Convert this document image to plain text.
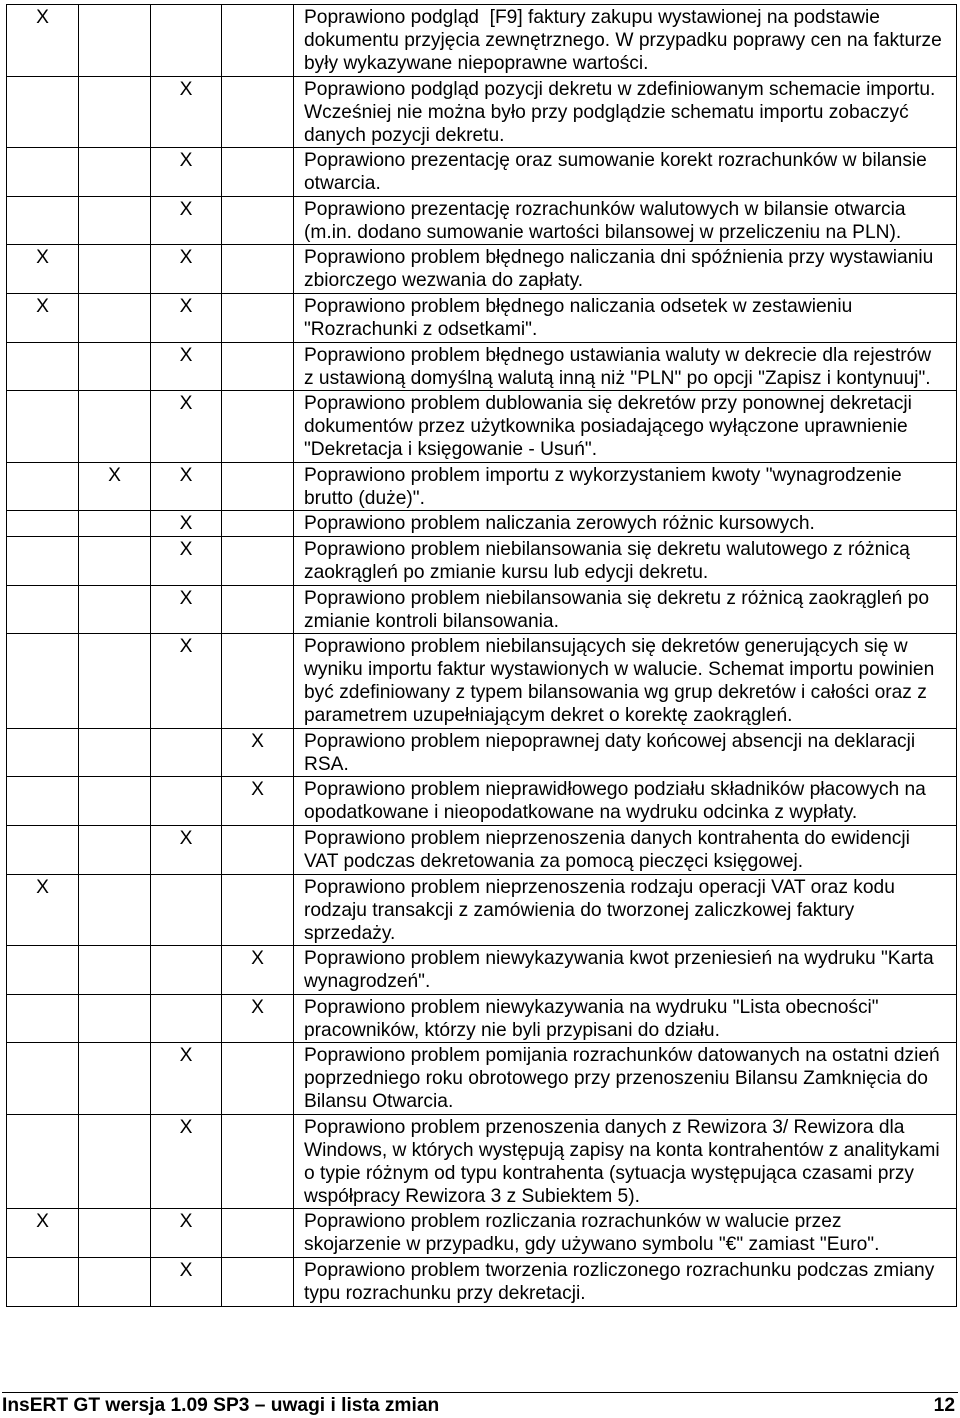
X				Poprawiono podgląd  [F9] faktury zakupu wystawionej na podstawie
dokumentu przyjęcia zewnętrznego. W przypadku poprawy cen na fakturze
były wykazywane niepoprawne wartości.

		X		Poprawiono podgląd pozycji dekretu w zdefiniowanym schemacie importu.
Wcześniej nie można było przy podglądzie schematu importu zobaczyć
danych pozycji dekretu.

		X		Poprawiono prezentację oraz sumowanie korekt rozrachunków w bilansie
otwarcia.

		X		Poprawiono prezentację rozrachunków walutowych w bilansie otwarcia
(m.in. dodano sumowanie wartości bilansowej w przeliczeniu na PLN).

X		X		Poprawiono problem błędnego naliczania dni spóźnienia przy wystawianiu
zbiorczego wezwania do zapłaty.

X		X		Poprawiono problem błędnego naliczania odsetek w zestawieniu
"Rozrachunki z odsetkami".

		X		Poprawiono problem błędnego ustawiania waluty w dekrecie dla rejestrów
z ustawioną domyślną walutą inną niż "PLN" po opcji "Zapisz i kontynuuj".

		X		Poprawiono problem dublowania się dekretów przy ponownej dekretacji
dokumentów przez użytkownika posiadającego wyłączone uprawnienie
"Dekretacja i księgowanie - Usuń".

	X	X		Poprawiono problem importu z wykorzystaniem kwoty "wynagrodzenie
brutto (duże)".

		X		Poprawiono problem naliczania zerowych różnic kursowych.

		X		Poprawiono problem niebilansowania się dekretu walutowego z różnicą
zaokrągleń po zmianie kursu lub edycji dekretu.

		X		Poprawiono problem niebilansowania się dekretu z różnicą zaokrągleń po
zmianie kontroli bilansowania.

		X		Poprawiono problem niebilansujących się dekretów generujących się w
wyniku importu faktur wystawionych w walucie. Schemat importu powinien
być zdefiniowany z typem bilansowania wg grup dekretów i całości oraz z
parametrem uzupełniającym dekret o korektę zaokrągleń.

			X	Poprawiono problem niepoprawnej daty końcowej absencji na deklaracji
RSA.

			X	Poprawiono problem nieprawidłowego podziału składników płacowych na
opodatkowane i nieopodatkowane na wydruku odcinka z wypłaty.

		X		Poprawiono problem nieprzenoszenia danych kontrahenta do ewidencji
VAT podczas dekretowania za pomocą pieczęci księgowej.

X				Poprawiono problem nieprzenoszenia rodzaju operacji VAT oraz kodu
rodzaju transakcji z zamówienia do tworzonej zaliczkowej faktury
sprzedaży.

			X	Poprawiono problem niewykazywania kwot przeniesień na wydruku "Karta
wynagrodzeń".

			X	Poprawiono problem niewykazywania na wydruku "Lista obecności"
pracowników, którzy nie byli przypisani do działu.

		X		Poprawiono problem pomijania rozrachunków datowanych na ostatni dzień
poprzedniego roku obrotowego przy przenoszeniu Bilansu Zamknięcia do
Bilansu Otwarcia.

		X		Poprawiono problem przenoszenia danych z Rewizora 3/ Rewizora dla
Windows, w których występują zapisy na konta kontrahentów z analitykami
o typie różnym od typu kontrahenta (sytuacja występująca czasami przy
współpracy Rewizora 3 z Subiektem 5).

X		X		Poprawiono problem rozliczania rozrachunków w walucie przez
skojarzenie w przypadku, gdy używano symbolu "€" zamiast "Euro".

		X		Poprawiono problem tworzenia rozliczonego rozrachunku podczas zmiany
typu rozrachunku przy dekretacji.
InsERT GT wersja 1.09 SP3 – uwagi i lista zmian	12
